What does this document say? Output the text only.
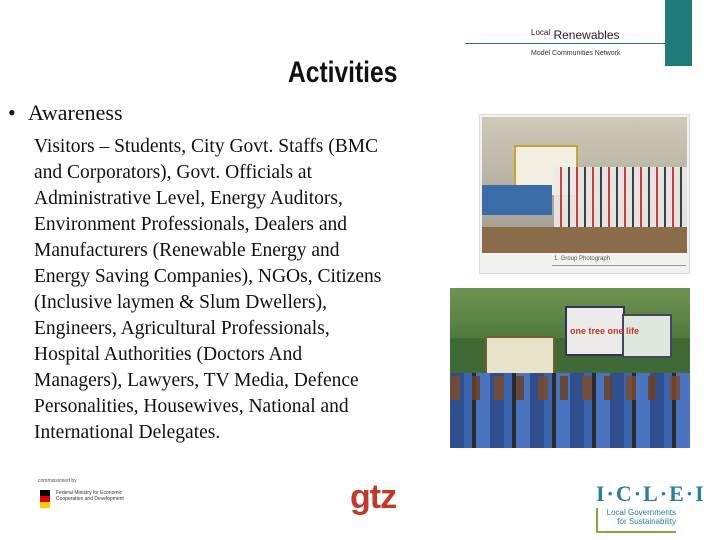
$^{Local}$ Renewables
Model Communities Network
Activities
• Awareness
Visitors – Students, City Govt. Staffs (BMC
and Corporators), Govt. Officials at
Administrative Level, Energy Auditors,
Environment Professionals, Dealers and
Manufacturers (Renewable Energy and
Energy Saving Companies), NGOs, Citizens
(Inclusive laymen & Slum Dwellers),
Engineers, Agricultural Professionals,
Hospital Authorities (Doctors And
Managers), Lawyers, TV Media, Defence
Personalities, Housewives, National and
International Delegates.
1. Group Photograph
one tree one life
commissioned by
Federal Ministry for Economic Cooperation and Development	gtz	I·C·L·E·I
Local Governments for Sustainability
